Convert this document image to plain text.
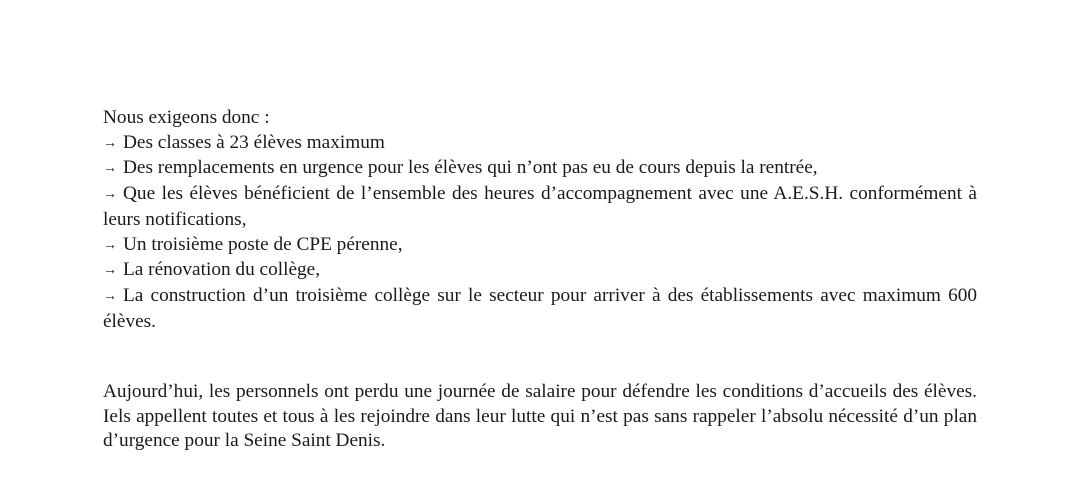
Nous exigeons donc :

→ Des classes à 23 élèves maximum
→ Des remplacements en urgence pour les élèves qui n’ont pas eu de cours depuis la rentrée,
→ Que les élèves bénéficient de l’ensemble des heures d’accompagnement avec une A.E.S.H. conformément à leurs notifications,
→ Un troisième poste de CPE pérenne,
→ La rénovation du collège,
→ La construction d’un troisième collège sur le secteur pour arriver à des établissements avec maximum 600 élèves.

Aujourd’hui, les personnels ont perdu une journée de salaire pour défendre les conditions d’accueils des élèves. Iels appellent toutes et tous à les rejoindre dans leur lutte qui n’est pas sans rappeler l’absolu nécessité d’un plan d’urgence pour la Seine Saint Denis.
